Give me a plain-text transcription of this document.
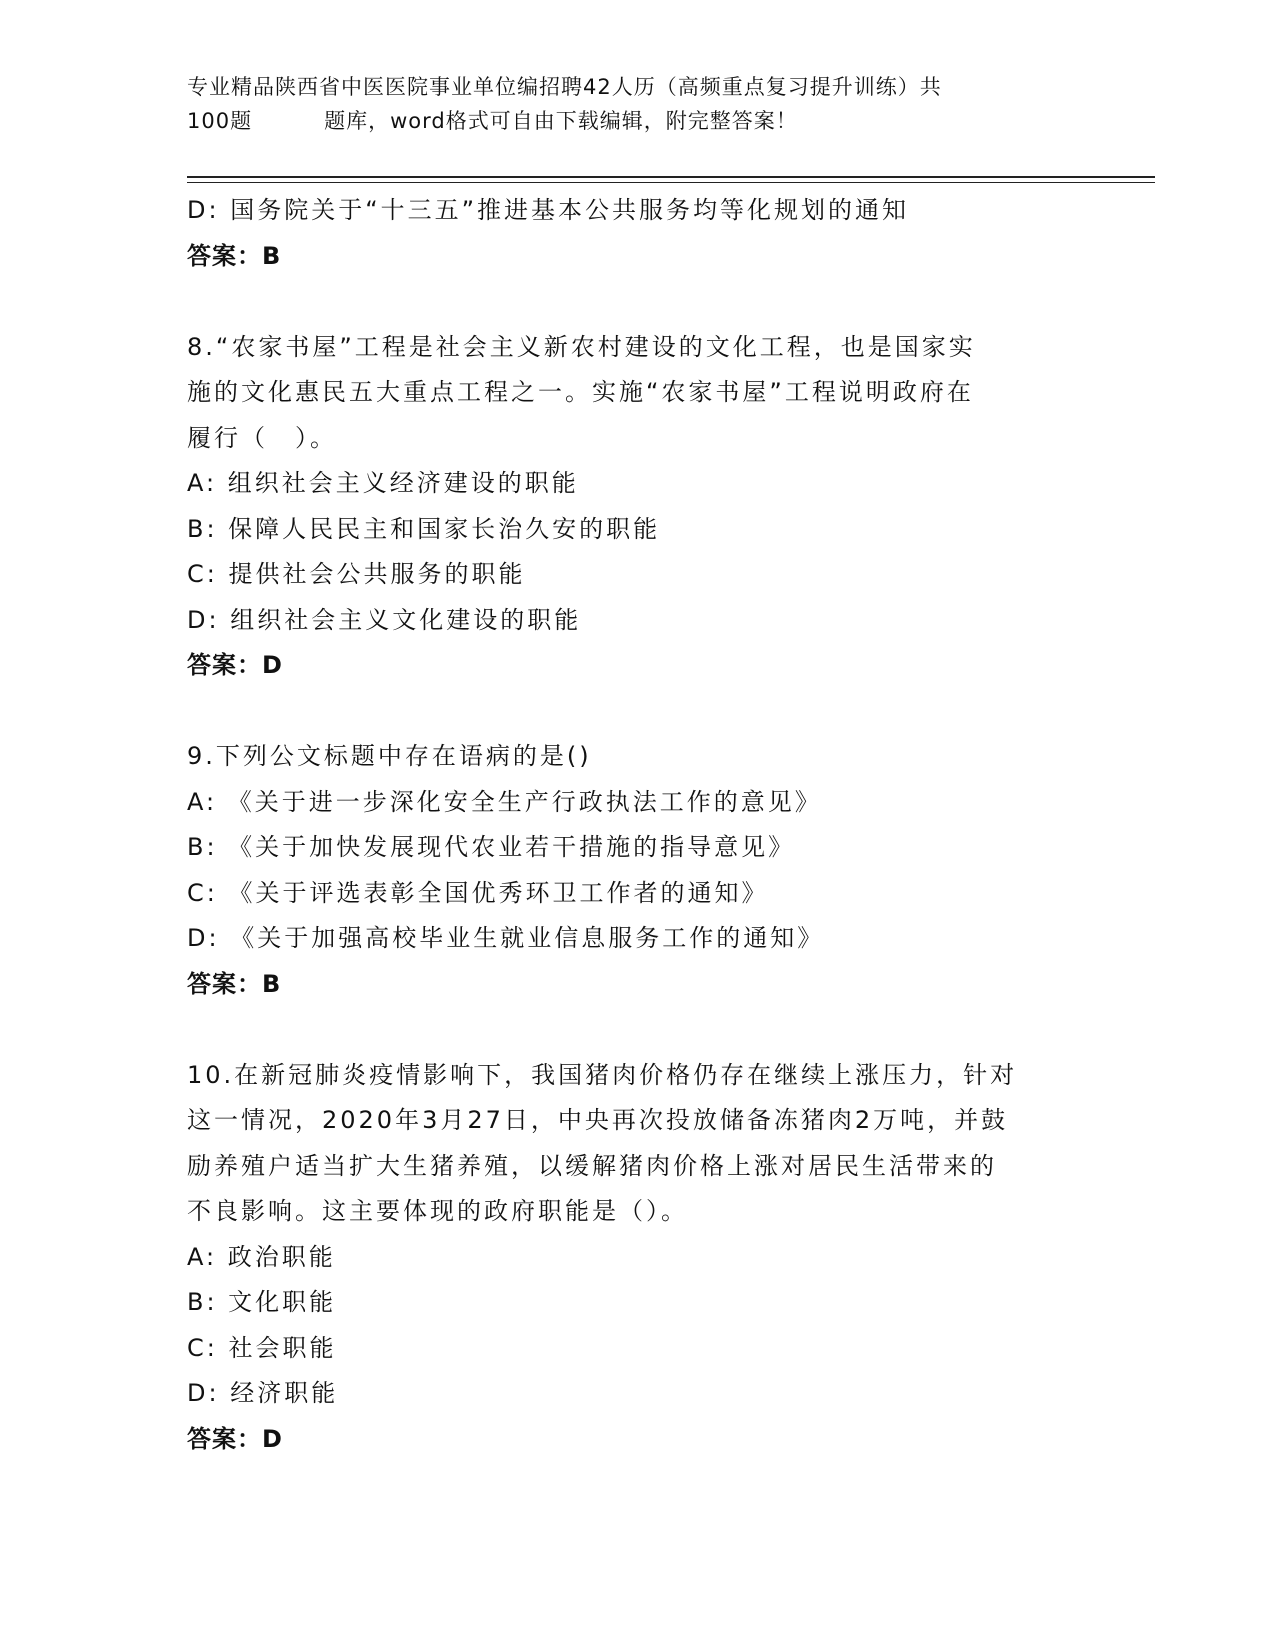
专业精品陕西省中医医院事业单位编招聘42人历（高频重点复习提升训练）共
100题	题库，word格式可自由下载编辑，附完整答案！
D: 国务院关于“十三五”推进基本公共服务均等化规划的通知
答案：B
8.“农家书屋”工程是社会主义新农村建设的文化工程，也是国家实
施的文化惠民五大重点工程之一。实施“农家书屋”工程说明政府在
履行（　）。
A: 组织社会主义经济建设的职能
B: 保障人民民主和国家长治久安的职能
C: 提供社会公共服务的职能
D: 组织社会主义文化建设的职能
答案：D
9.下列公文标题中存在语病的是()
A: 《关于进一步深化安全生产行政执法工作的意见》
B: 《关于加快发展现代农业若干措施的指导意见》
C: 《关于评选表彰全国优秀环卫工作者的通知》
D: 《关于加强高校毕业生就业信息服务工作的通知》
答案：B
10.在新冠肺炎疫情影响下，我国猪肉价格仍存在继续上涨压力，针对
这一情况，2020年3月27日，中央再次投放储备冻猪肉2万吨，并鼓
励养殖户适当扩大生猪养殖，以缓解猪肉价格上涨对居民生活带来的
不良影响。这主要体现的政府职能是（）。
A: 政治职能
B: 文化职能
C: 社会职能
D: 经济职能
答案：D
